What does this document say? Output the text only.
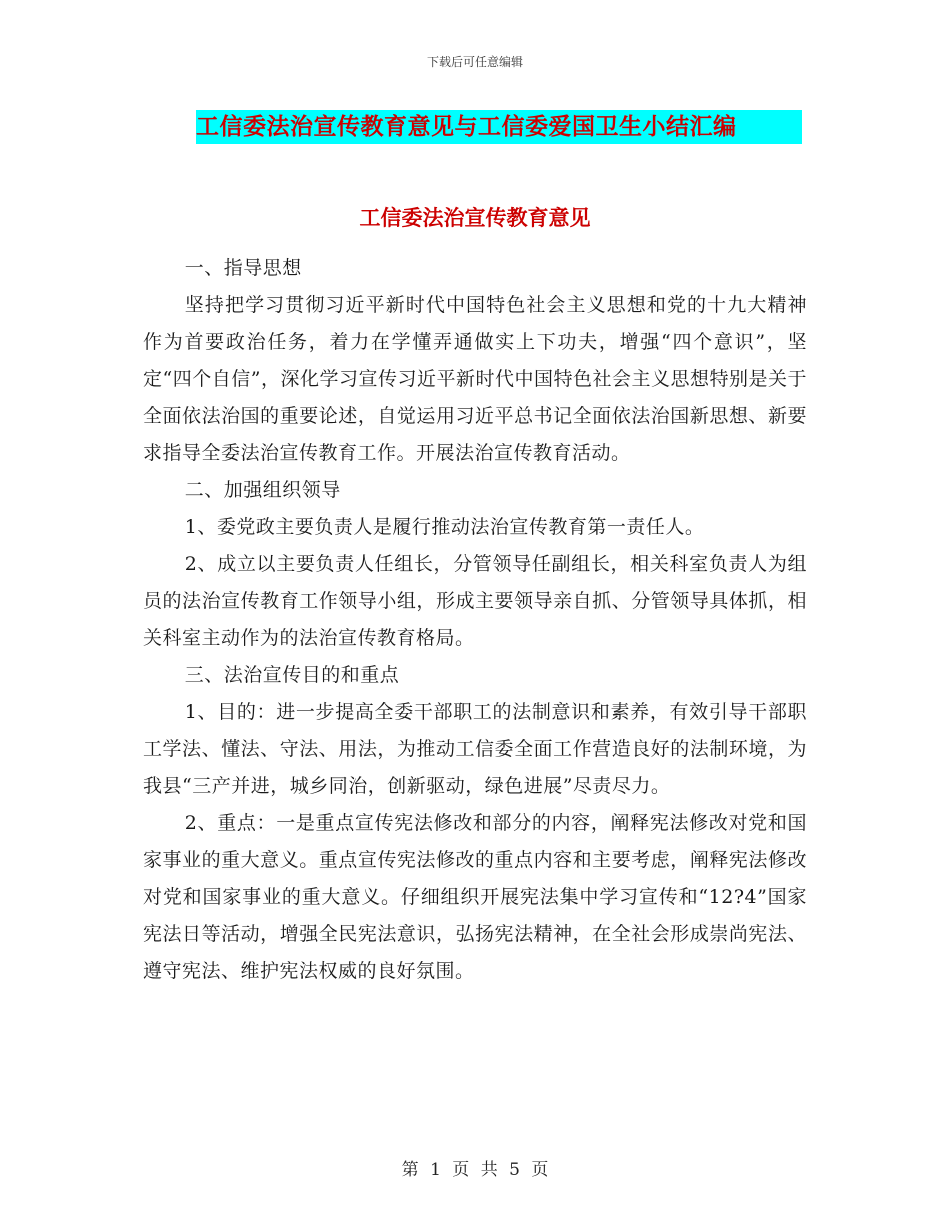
下载后可任意编辑
工信委法治宣传教育意见与工信委爱国卫生小结汇编
工信委法治宣传教育意见

一、指导思想

坚持把学习贯彻习近平新时代中国特色社会主义思想和党的十九大精神作为首要政治任务，着力在学懂弄通做实上下功夫，增强“四个意识”，坚定“四个自信”，深化学习宣传习近平新时代中国特色社会主义思想特别是关于全面依法治国的重要论述，自觉运用习近平总书记全面依法治国新思想、新要求指导全委法治宣传教育工作。开展法治宣传教育活动。

二、加强组织领导

1、委党政主要负责人是履行推动法治宣传教育第一责任人。

2、成立以主要负责人任组长，分管领导任副组长，相关科室负责人为组员的法治宣传教育工作领导小组，形成主要领导亲自抓、分管领导具体抓，相关科室主动作为的法治宣传教育格局。

三、法治宣传目的和重点

1、目的：进一步提高全委干部职工的法制意识和素养，有效引导干部职工学法、懂法、守法、用法，为推动工信委全面工作营造良好的法制环境，为我县“三产并进，城乡同治，创新驱动，绿色进展”尽责尽力。

2、重点：一是重点宣传宪法修改和部分的内容，阐释宪法修改对党和国家事业的重大意义。重点宣传宪法修改的重点内容和主要考虑，阐释宪法修改对党和国家事业的重大意义。仔细组织开展宪法集中学习宣传和“12?4”国家宪法日等活动，增强全民宪法意识，弘扬宪法精神，在全社会形成崇尚宪法、遵守宪法、维护宪法权威的良好氛围。

第 1 页 共 5 页
